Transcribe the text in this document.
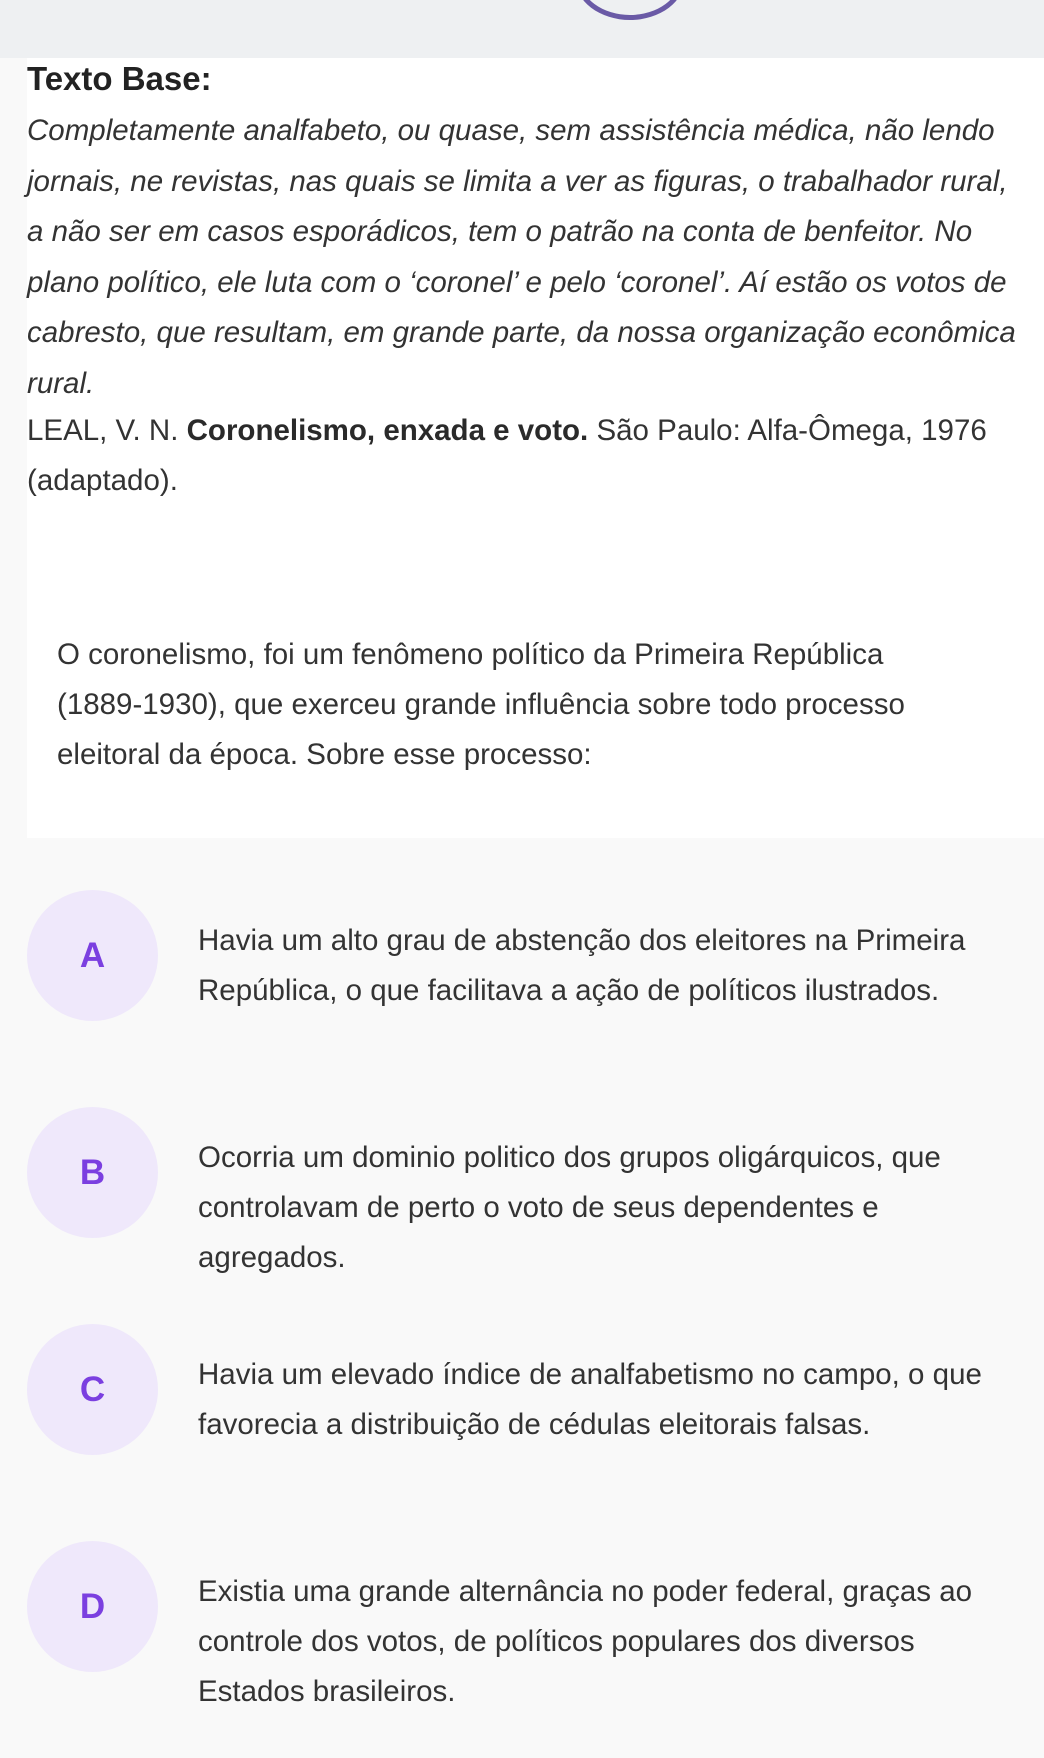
Texto Base:

Completamente analfabeto, ou quase, sem assistência médica, não lendo jornais, ne revistas, nas quais se limita a ver as figuras, o trabalhador rural, a não ser em casos esporádicos, tem o patrão na conta de benfeitor. No plano político, ele luta com o ‘coronel’ e pelo ‘coronel’. Aí estão os votos de cabresto, que resultam, em grande parte, da nossa organização econômica rural.

LEAL, V. N. Coronelismo, enxada e voto. São Paulo: Alfa-Ômega, 1976 (adaptado).

O coronelismo, foi um fenômeno político da Primeira República
(1889-1930), que exerceu grande influência sobre todo processo
eleitoral da época. Sobre esse processo:

A	Havia um alto grau de abstenção dos eleitores na Primeira República, o que facilitava a ação de políticos ilustrados.

B	Ocorria um dominio politico dos grupos oligárquicos, que controlavam de perto o voto de seus dependentes e agregados.

C	Havia um elevado índice de analfabetismo no campo, o que favorecia a distribuição de cédulas eleitorais falsas.

D	Existia uma grande alternância no poder federal, graças ao controle dos votos, de políticos populares dos diversos Estados brasileiros.
